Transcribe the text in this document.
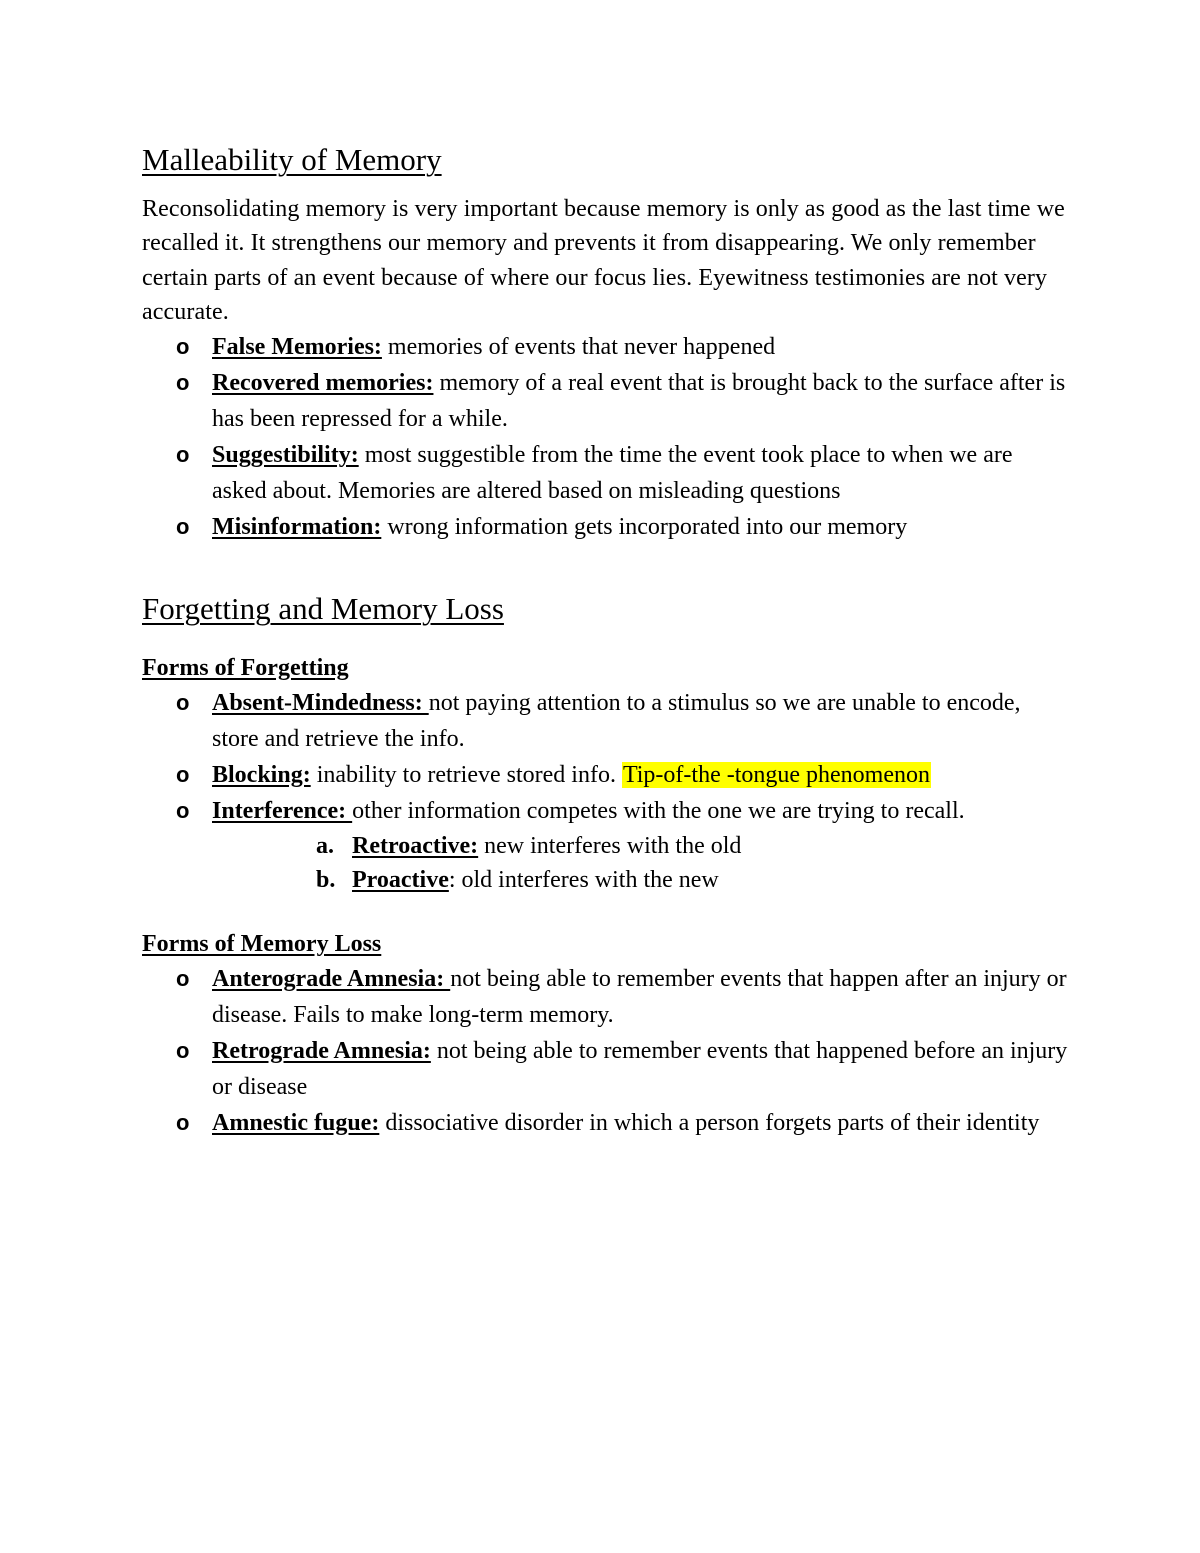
Malleability of Memory

Reconsolidating memory is very important because memory is only as good as the last time we recalled it. It strengthens our memory and prevents it from disappearing. We only remember certain parts of an event because of where our focus lies. Eyewitness testimonies are not very accurate.

o False Memories: memories of events that never happened
o Recovered memories: memory of a real event that is brought back to the surface after is has been repressed for a while.
o Suggestibility: most suggestible from the time the event took place to when we are asked about. Memories are altered based on misleading questions
o Misinformation: wrong information gets incorporated into our memory
Forgetting and Memory Loss
Forms of Forgetting
o Absent-Mindedness: not paying attention to a stimulus so we are unable to encode, store and retrieve the info.
o Blocking: inability to retrieve stored info. Tip-of-the -tongue phenomenon
o Interference: other information competes with the one we are trying to recall.
a. Retroactive: new interferes with the old
b. Proactive: old interferes with the new
Forms of Memory Loss
o Anterograde Amnesia: not being able to remember events that happen after an injury or disease. Fails to make long-term memory.
o Retrograde Amnesia: not being able to remember events that happened before an injury or disease
o Amnestic fugue: dissociative disorder in which a person forgets parts of their identity
